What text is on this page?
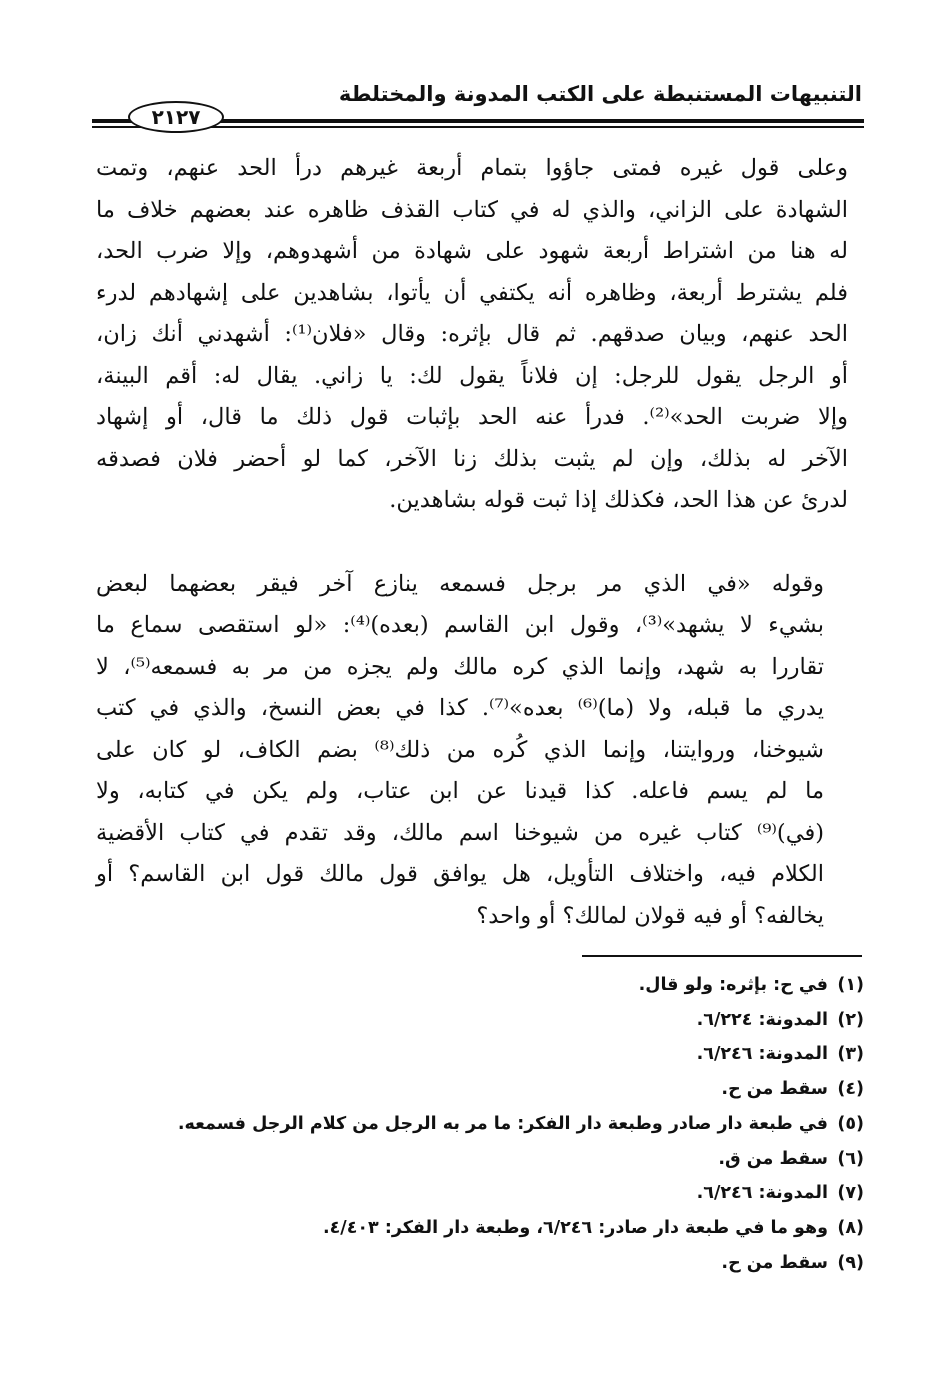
التنبيهات المستنبطة على الكتب المدونة والمختلطة
٢١٢٧

وعلى قول غيره فمتى جاؤوا بتمام أربعة غيرهم درأ الحد عنهم، وتمت
الشهادة على الزاني، والذي له في كتاب القذف ظاهره عند بعضهم خلاف ما
له هنا من اشتراط أربعة شهود على شهادة من أشهدوهم، وإلا ضرب الحد،
فلم يشترط أربعة، وظاهره أنه يكتفي أن يأتوا، بشاهدين على إشهادهم لدرء
الحد عنهم، وبيان صدقهم. ثم قال بإثره: وقال «فلان⁽¹⁾: أشهدني أنك زان،
أو الرجل يقول للرجل: إن فلاناً يقول لك: يا زاني. يقال له: أقم البينة،
وإلا ضربت الحد»⁽²⁾. فدرأ عنه الحد بإثبات قول ذلك ما قال، أو إشهاد
الآخر له بذلك، وإن لم يثبت بذلك زنا الآخر، كما لو أحضر فلان فصدقه
لدرئ عن هذا الحد، فكذلك إذا ثبت قوله بشاهدين.

وقوله «في الذي مر برجل فسمعه ينازع آخر فيقر بعضهما لبعض
بشيء لا يشهد»⁽³⁾، وقول ابن القاسم (بعده)⁽⁴⁾: «لو استقصى سماع ما
تقاررا به شهد، وإنما الذي كره مالك ولم يجزه من مر به فسمعه⁽⁵⁾، لا
يدري ما قبله، ولا (ما)⁽⁶⁾ بعده»⁽⁷⁾. كذا في بعض النسخ، والذي في كتب
شيوخنا، وروايتنا، وإنما الذي كُره من ذلك⁽⁸⁾ بضم الكاف، لو كان على
ما لم يسم فاعله. كذا قيدنا عن ابن عتاب، ولم يكن في كتابه، ولا
(في)⁽⁹⁾ كتاب غيره من شيوخنا اسم مالك، وقد تقدم في كتاب الأقضية
الكلام فيه، واختلاف التأويل، هل يوافق قول مالك قول ابن القاسم؟ أو
يخالفه؟ أو فيه قولان لمالك؟ أو واحد؟

(١)في ح: بإثره: ولو قال.
(٢)المدونة: ٦/٢٢٤.
(٣)المدونة: ٦/٢٤٦.
(٤)سقط من ح.
(٥)في طبعة دار صادر وطبعة دار الفكر: ما مر به الرجل من كلام الرجل فسمعه.
(٦)سقط من ق.
(٧)المدونة: ٦/٢٤٦.
(٨)وهو ما في طبعة دار صادر: ٦/٢٤٦، وطبعة دار الفكر: ٤/٤٠٣.
(٩)سقط من ح.
